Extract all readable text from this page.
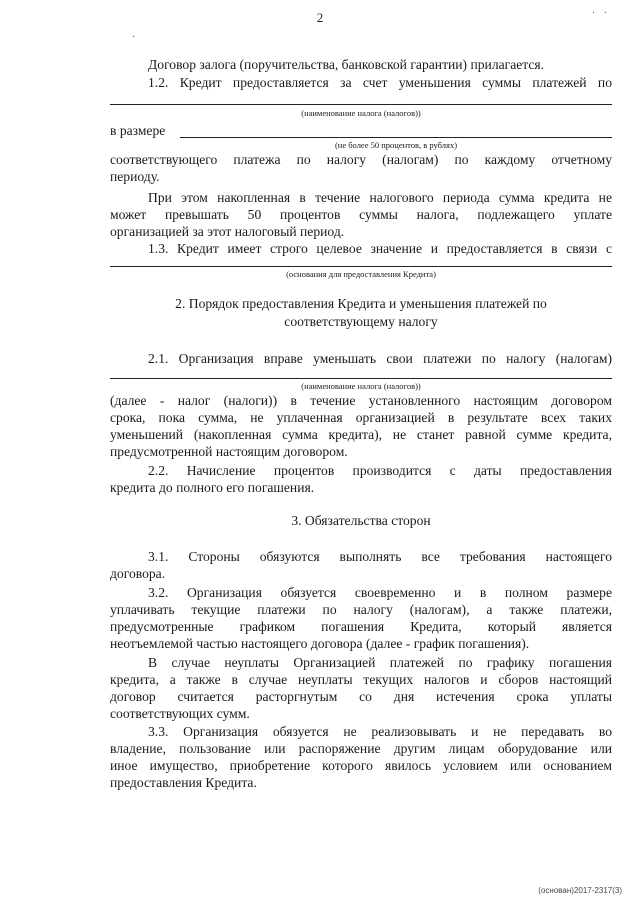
2	· ·
·
Договор залога (поручительства, банковской гарантии) прилагается.
1.2. Кредит предоставляется за счет уменьшения суммы платежей по
(наименование налога (налогов))
в размере
(не более 50 процентов, в рублях)
соответствующего платежа по налогу (налогам) по каждому отчетному
периоду.
При этом накопленная в течение налогового периода сумма кредита не
может превышать 50 процентов суммы налога, подлежащего уплате
организацией за этот налоговый период.
1.3. Кредит имеет строго целевое значение и предоставляется в связи с
(основания для предоставления Кредита)
2. Порядок предоставления Кредита и уменьшения платежей по
соответствующему налогу
2.1. Организация вправе уменьшать свои платежи по налогу (налогам)
(наименование налога (налогов))
(далее - налог (налоги)) в течение установленного настоящим договором
срока, пока сумма, не уплаченная организацией в результате всех таких
уменьшений (накопленная сумма кредита), не станет равной сумме кредита,
предусмотренной настоящим договором.
2.2. Начисление процентов производится с даты предоставления
кредита до полного его погашения.
3. Обязательства сторон
3.1. Стороны обязуются выполнять все требования настоящего
договора.
3.2. Организация обязуется своевременно и в полном размере
уплачивать текущие платежи по налогу (налогам), а также платежи,
предусмотренные графиком погашения Кредита, который является
неотъемлемой частью настоящего договора (далее - график погашения).
В случае неуплаты Организацией платежей по графику погашения
кредита, а также в случае неуплаты текущих налогов и сборов настоящий
договор считается расторгнутым со дня истечения срока уплаты
соответствующих сумм.
3.3. Организация обязуется не реализовывать и не передавать во
владение, пользование или распоряжение другим лицам оборудование или
иное имущество, приобретение которого явилось условием или основанием
предоставления Кредита.
(основан)2017-2317(3)
